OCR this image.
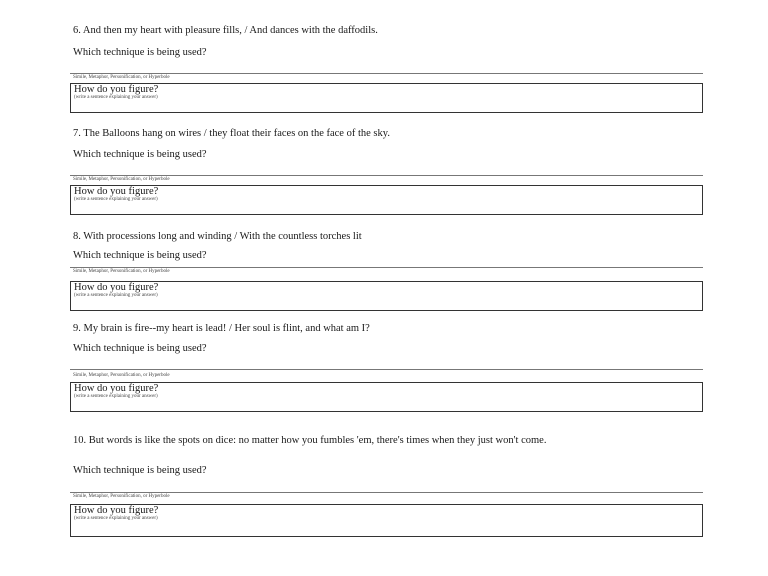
6. And then my heart with pleasure fills, / And dances with the daffodils.

Which technique is being used?

Simile, Metaphor, Personification, or Hyperbole
How do you figure?
(write a sentence explaining your answer)

7. The Balloons hang on wires / they float their faces on the face of the sky.

Which technique is being used?

Simile, Metaphor, Personification, or Hyperbole
How do you figure?
(write a sentence explaining your answer)

8. With processions long and winding / With the countless torches lit

Which technique is being used?

Simile, Metaphor, Personification, or Hyperbole
How do you figure?
(write a sentence explaining your answer)

9. My brain is fire--my heart is lead! / Her soul is flint, and what am I?

Which technique is being used?

Simile, Metaphor, Personification, or Hyperbole
How do you figure?
(write a sentence explaining your answer)

10. But words is like the spots on dice: no matter how you fumbles 'em, there's times when they just won't come.

Which technique is being used?

Simile, Metaphor, Personification, or Hyperbole
How do you figure?
(write a sentence explaining your answer)
